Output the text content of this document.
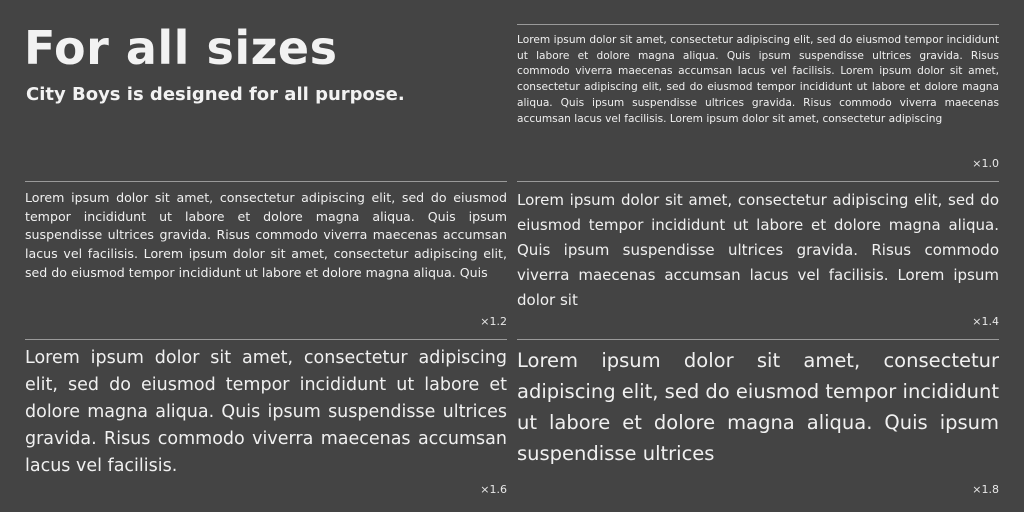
For all sizes

City Boys is designed for all purpose.

Lorem ipsum dolor sit amet, consectetur adipiscing elit, sed do eiusmod tempor incididunt ut labore et dolore magna aliqua. Quis ipsum suspendisse ultrices gravida. Risus commodo viverra maecenas accumsan lacus vel facilisis. Lorem ipsum dolor sit amet, consectetur adipiscing elit, sed do eiusmod tempor incididunt ut labore et dolore magna aliqua. Quis ipsum suspendisse ultrices gravida. Risus commodo viverra maecenas accumsan lacus vel facilisis. Lorem ipsum dolor sit amet, consectetur adipiscing

×1.0

Lorem ipsum dolor sit amet, consectetur adipiscing elit, sed do eiusmod tempor incididunt ut labore et dolore magna aliqua. Quis ipsum suspendisse ultrices gravida. Risus commodo viverra maecenas accumsan lacus vel facilisis. Lorem ipsum dolor sit amet, consectetur adipiscing elit, sed do eiusmod tempor incididunt ut labore et dolore magna aliqua. Quis

×1.2

Lorem ipsum dolor sit amet, consectetur adipiscing elit, sed do eiusmod tempor incididunt ut labore et dolore magna aliqua. Quis ipsum suspendisse ultrices gravida. Risus commodo viverra maecenas accumsan lacus vel facilisis. Lorem ipsum dolor sit

×1.4

Lorem ipsum dolor sit amet, consectetur adipiscing elit, sed do eiusmod tempor incididunt ut labore et dolore magna aliqua. Quis ipsum suspendisse ultrices gravida. Risus commodo viverra maecenas accumsan lacus vel facilisis.

×1.6

Lorem ipsum dolor sit amet, consectetur adipiscing elit, sed do eiusmod tempor incididunt ut labore et dolore magna aliqua. Quis ipsum suspendisse ultrices

×1.8
